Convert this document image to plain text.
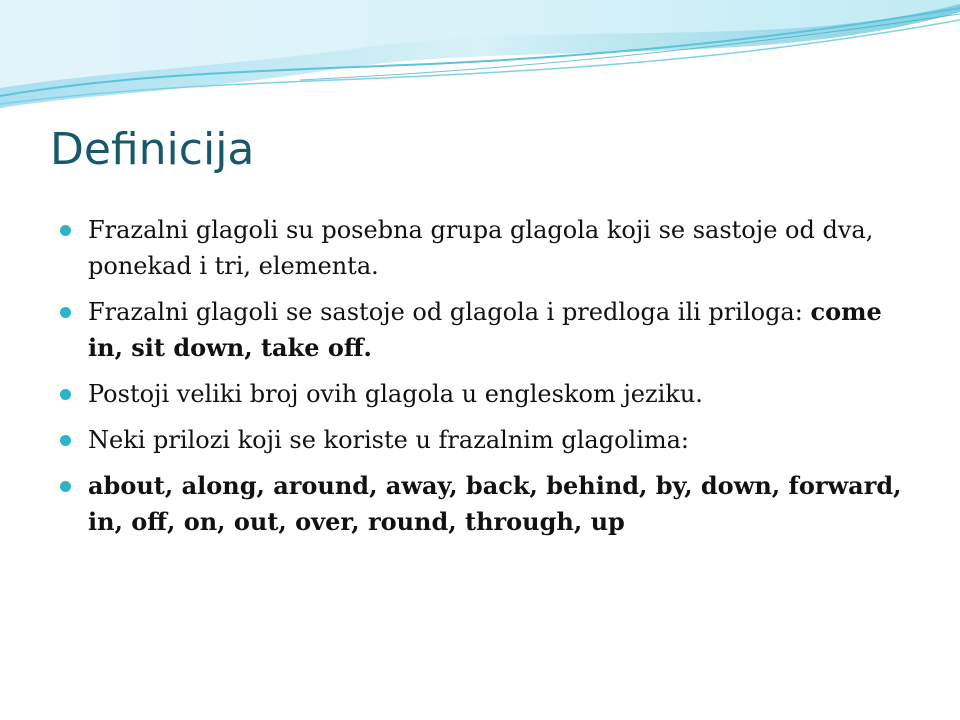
Definicija
Frazalni glagoli su posebna grupa glagola koji se sastoje od dva, ponekad i tri, elementa.
Frazalni glagoli se sastoje od glagola i predloga ili priloga: come in, sit down, take off.
Postoji veliki broj ovih glagola u engleskom jeziku.
Neki prilozi koji se koriste u frazalnim glagolima:
about, along, around, away, back, behind, by, down, forward, in, off, on, out, over, round, through, up
